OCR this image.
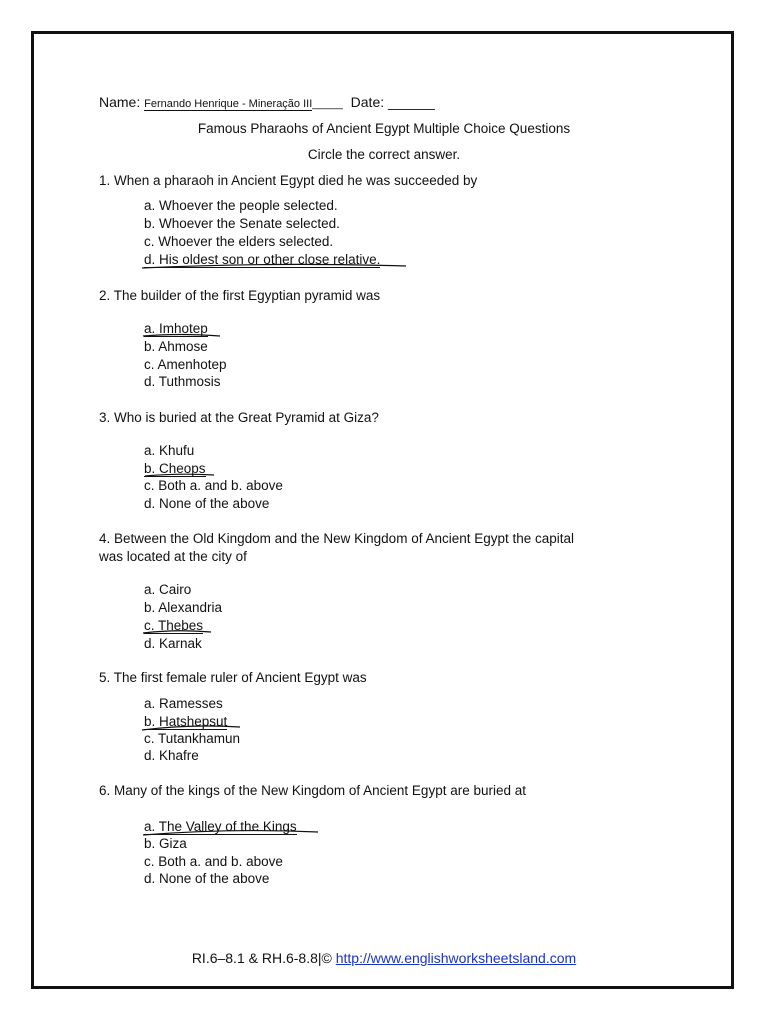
Name: Fernando Henrique - Mineração III_____ Date: ______
Famous Pharaohs of Ancient Egypt Multiple Choice Questions
Circle the correct answer.
1. When a pharaoh in Ancient Egypt died he was succeeded by
a. Whoever the people selected.
b. Whoever the Senate selected.
c. Whoever the elders selected.
d. His oldest son or other close relative.
2. The builder of the first Egyptian pyramid was
a. Imhotep
b. Ahmose
c. Amenhotep
d. Tuthmosis
3. Who is buried at the Great Pyramid at Giza?
a. Khufu
b. Cheops
c. Both a. and b. above
d. None of the above
4. Between the Old Kingdom and the New Kingdom of Ancient Egypt the capital
was located at the city of
a. Cairo
b. Alexandria
c. Thebes
d. Karnak
5. The first female ruler of Ancient Egypt was
a. Ramesses
b. Hatshepsut
c. Tutankhamun
d. Khafre
6. Many of the kings of the New Kingdom of Ancient Egypt are buried at
a. The Valley of the Kings
b. Giza
c. Both a. and b. above
d. None of the above
RI.6–8.1 & RH.6-8.8|© http://www.englishworksheetsland.com
